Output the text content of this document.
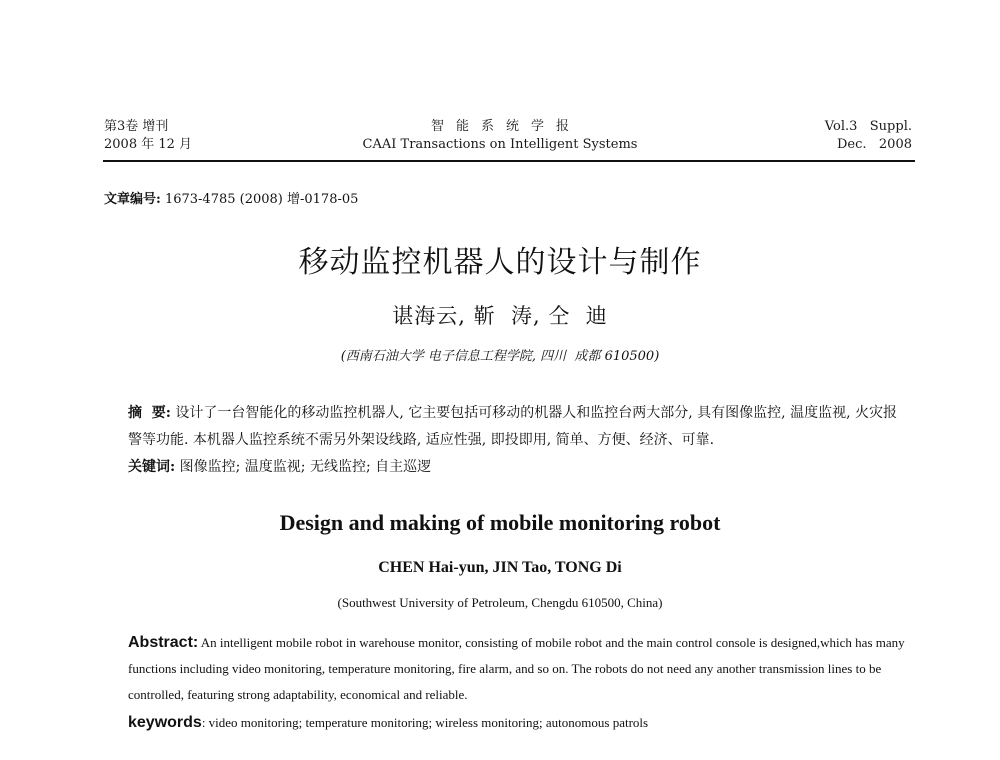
第3卷 增刊
2008 年 12 月
智能系统学报
CAAI Transactions on Intelligent Systems
Vol.3   Suppl.
Dec.   2008
文章编号: 1673-4785 (2008) 增-0178-05
移动监控机器人的设计与制作
谌海云, 靳  涛, 仝  迪
(西南石油大学 电子信息工程学院, 四川  成都 610500)
摘  要: 设计了一台智能化的移动监控机器人, 它主要包括可移动的机器人和监控台两大部分, 具有图像监控, 温度监视, 火灾报警等功能. 本机器人监控系统不需另外架设线路, 适应性强, 即投即用, 简单、方便、经济、可靠.
关键词: 图像监控; 温度监视; 无线监控; 自主巡逻
Design and making of mobile monitoring robot
CHEN Hai-yun, JIN Tao, TONG Di
(Southwest University of Petroleum, Chengdu 610500, China)
Abstract: An intelligent mobile robot in warehouse monitor, consisting of mobile robot and the main control console is designed,which has many functions including video monitoring, temperature monitoring, fire alarm, and so on. The robots do not need any another transmission lines to be controlled, featuring strong adaptability, economical and reliable.
keywords: video monitoring; temperature monitoring; wireless monitoring; autonomous patrols
